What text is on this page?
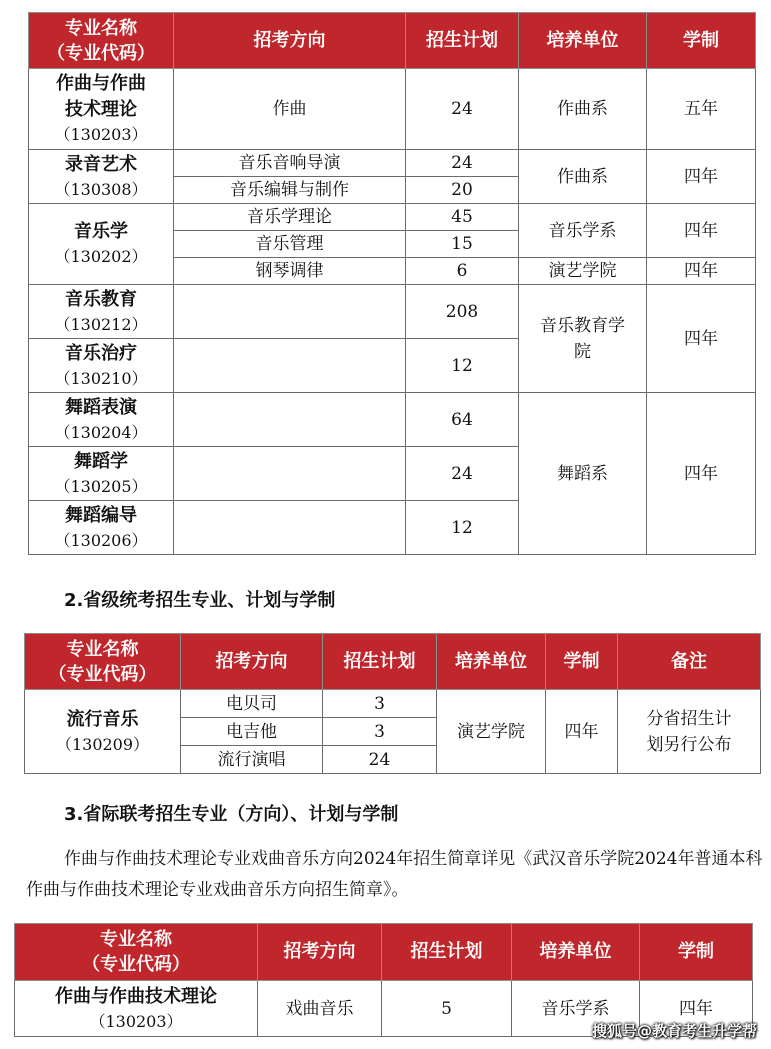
专业名称
（专业代码）	招考方向	招生计划	培养单位	学制

作曲与作曲
技术理论
（130203）	作曲	24	作曲系	五年

录音艺术
（130308）	音乐音响导演	24	作曲系	四年
	音乐编辑与制作	20		

音乐学
（130202）	音乐学理论	45	音乐学系	四年
	音乐管理	15		
	钢琴调律	6	演艺学院	四年

音乐教育
（130212）		208	音乐教育学
院	四年

音乐治疗
（130210）		12		

舞蹈表演
（130204）		64	舞蹈系	四年

舞蹈学
（130205）		24		

舞蹈编导
（130206）		12		

2.省级统考招生专业、计划与学制

专业名称
（专业代码）	招考方向	招生计划	培养单位	学制	备注

流行音乐
（130209）	电贝司	3	演艺学院	四年	分省招生计
划另行公布

	电吉他	3			
	流行演唱	24			

3.省际联考招生专业（方向）、计划与学制

作曲与作曲技术理论专业戏曲音乐方向2024年招生简章详见《武汉音乐学院2024年普通本科作曲与作曲技术理论专业戏曲音乐方向招生简章》。

专业名称
（专业代码）	招考方向	招生计划	培养单位	学制

作曲与作曲技术理论
（130203）	戏曲音乐	5	音乐学系	四年
搜狐号@教育考生升学帮
